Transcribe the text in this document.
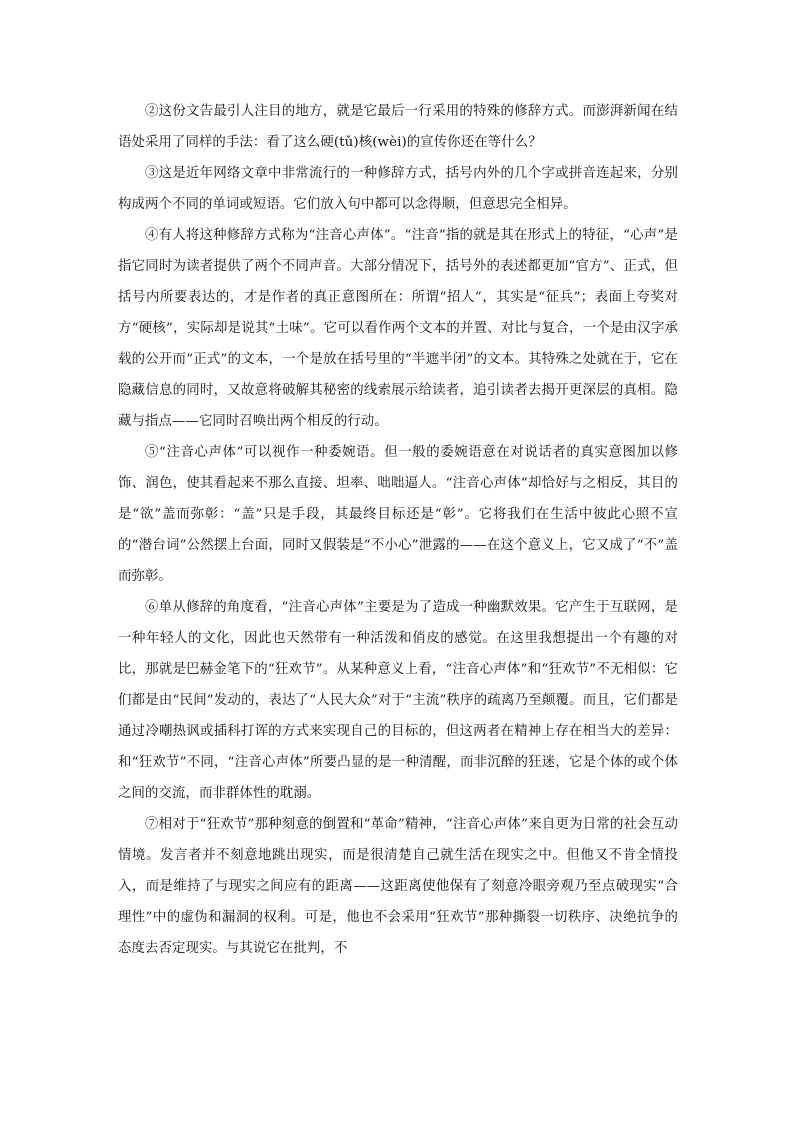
②这份文告最引人注目的地方，就是它最后一行采用的特殊的修辞方式。而澎湃新闻在结语处采用了同样的手法：看了这么硬(tǔ)核(wèi)的宣传你还在等什么？

③这是近年网络文章中非常流行的一种修辞方式，括号内外的几个字或拼音连起来，分别构成两个不同的单词或短语。它们放入句中都可以念得顺，但意思完全相异。

④有人将这种修辞方式称为“注音心声体”。“注音”指的就是其在形式上的特征，“心声”是指它同时为读者提供了两个不同声音。大部分情况下，括号外的表述都更加“官方”、正式，但括号内所要表达的，才是作者的真正意图所在：所谓“招人”，其实是“征兵”；表面上夸奖对方“硬核”，实际却是说其“土味”。它可以看作两个文本的并置、对比与复合，一个是由汉字承载的公开而“正式”的文本，一个是放在括号里的“半遮半闭”的文本。其特殊之处就在于，它在隐藏信息的同时，又故意将破解其秘密的线索展示给读者，追引读者去揭开更深层的真相。隐藏与指点——它同时召唤出两个相反的行动。

⑤“注音心声体”可以视作一种委婉语。但一般的委婉语意在对说话者的真实意图加以修饰、润色，使其看起来不那么直接、坦率、咄咄逼人。“注音心声体”却恰好与之相反，其目的是“欲”盖而弥彰：“盖”只是手段，其最终目标还是“彰”。它将我们在生活中彼此心照不宣的“潜台词”公然摆上台面，同时又假装是“不小心”泄露的——在这个意义上，它又成了“不”盖而弥彰。

⑥单从修辞的角度看，“注音心声体”主要是为了造成一种幽默效果。它产生于互联网，是一种年轻人的文化，因此也天然带有一种活泼和俏皮的感觉。在这里我想提出一个有趣的对比，那就是巴赫金笔下的“狂欢节”。从某种意义上看，“注音心声体”和“狂欢节”不无相似：它们都是由“民间”发动的，表达了“人民大众”对于“主流”秩序的疏离乃至颠覆。而且，它们都是通过冷嘲热讽或插科打诨的方式来实现自己的目标的，但这两者在精神上存在相当大的差异：和“狂欢节”不同，“注音心声体”所要凸显的是一种清醒，而非沉醉的狂迷，它是个体的或个体之间的交流，而非群体性的耽溺。

⑦相对于“狂欢节”那种刻意的倒置和“革命”精神，“注音心声体”来自更为日常的社会互动情境。发言者并不刻意地跳出现实，而是很清楚自己就生活在现实之中。但他又不肯全情投入，而是维持了与现实之间应有的距离——这距离使他保有了刻意冷眼旁观乃至点破现实“合理性”中的虚伪和漏洞的权利。可是，他也不会采用“狂欢节”那种撕裂一切秩序、决绝抗争的态度去否定现实。与其说它在批判，不
